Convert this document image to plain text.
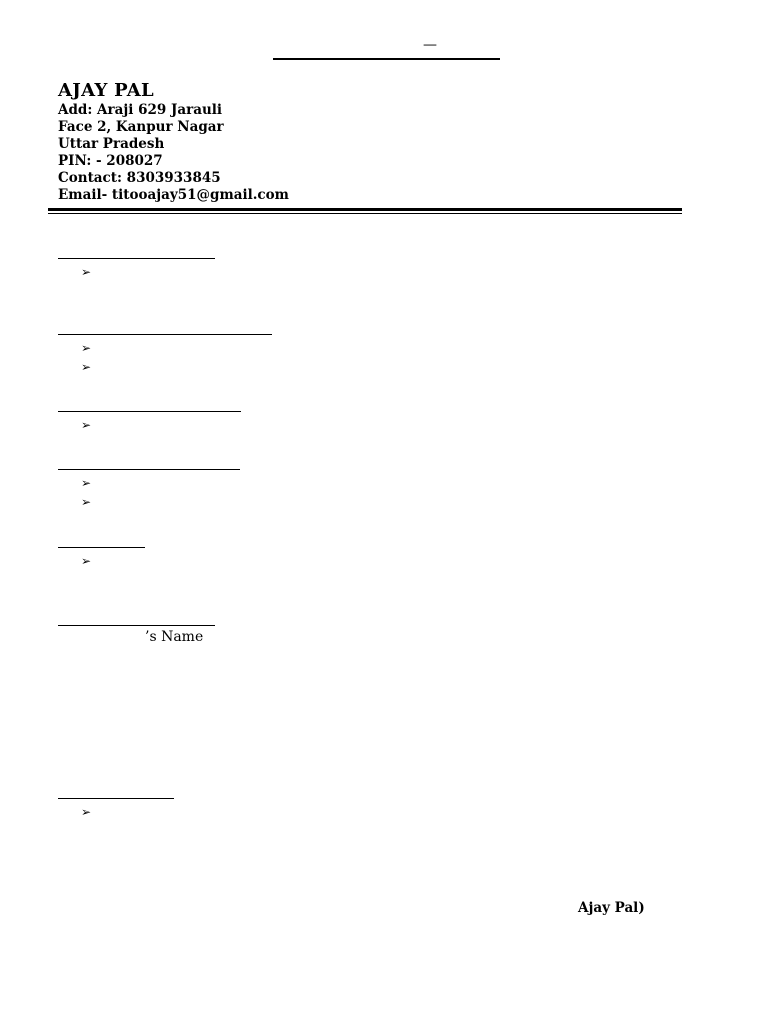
—
AJAY PAL
Add: Araji 629 Jarauli
Face 2, Kanpur Nagar
Uttar Pradesh
PIN: - 208027
Contact: 8303933845
Email- titooajay51@gmail.com
➢
➢
➢
➢
➢
➢
➢
’s Name
➢
Ajay Pal)
